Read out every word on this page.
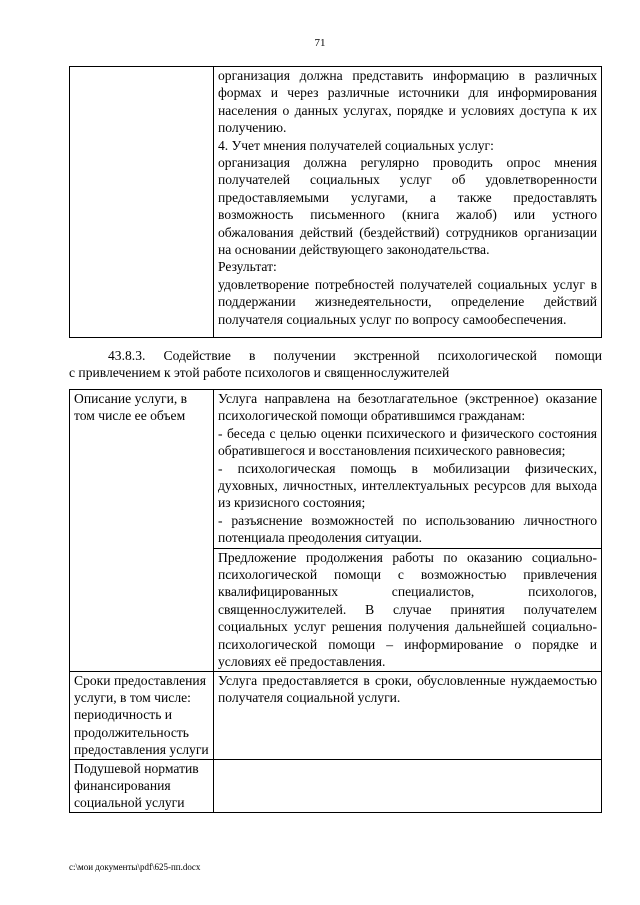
71

организация должна представить информацию в различных формах и через различные источники для информирования населения о данных услугах, порядке и условиях доступа к их получению.
4. Учет мнения получателей социальных услуг:
организация должна регулярно проводить опрос мнения получателей социальных услуг об удовлетворенности предоставляемыми услугами, а также предоставлять возможность письменного (книга жалоб) или устного обжалования действий (бездействий) сотрудников организации на основании действующего законодательства.
Результат:
удовлетворение потребностей получателей социальных услуг в поддержании жизнедеятельности, определение действий получателя социальных услуг по вопросу самообеспечения.
43.8.3. Содействие в получении экстренной психологической помощи
с привлечением к этой работе психологов и священнослужителей
Описание услуги, в том числе ее объем	Услуга направлена на безотлагательное (экстренное) оказание психологической помощи обратившимся гражданам:
- беседа с целью оценки психического и физического состояния обратившегося и восстановления психического равновесия;
- психологическая помощь в мобилизации физических, духовных, личностных, интеллектуальных ресурсов для выхода из кризисного состояния;
- разъяснение возможностей по использованию личностного потенциала преодоления ситуации.
Предложение продолжения работы по оказанию социально-психологической помощи с возможностью привлечения квалифицированных специалистов, психологов, священнослужителей. В случае принятия получателем социальных услуг решения получения дальнейшей социально-психологической помощи – информирование о порядке и условиях её предоставления.

Сроки предоставления услуги, в том числе: периодичность и продолжительность предоставления услуги	Услуга предоставляется в сроки, обусловленные нуждаемостью получателя социальной услуги.

Подушевой норматив финансирования социальной услуги	
c:\мои документы\pdf\625-пп.docx
